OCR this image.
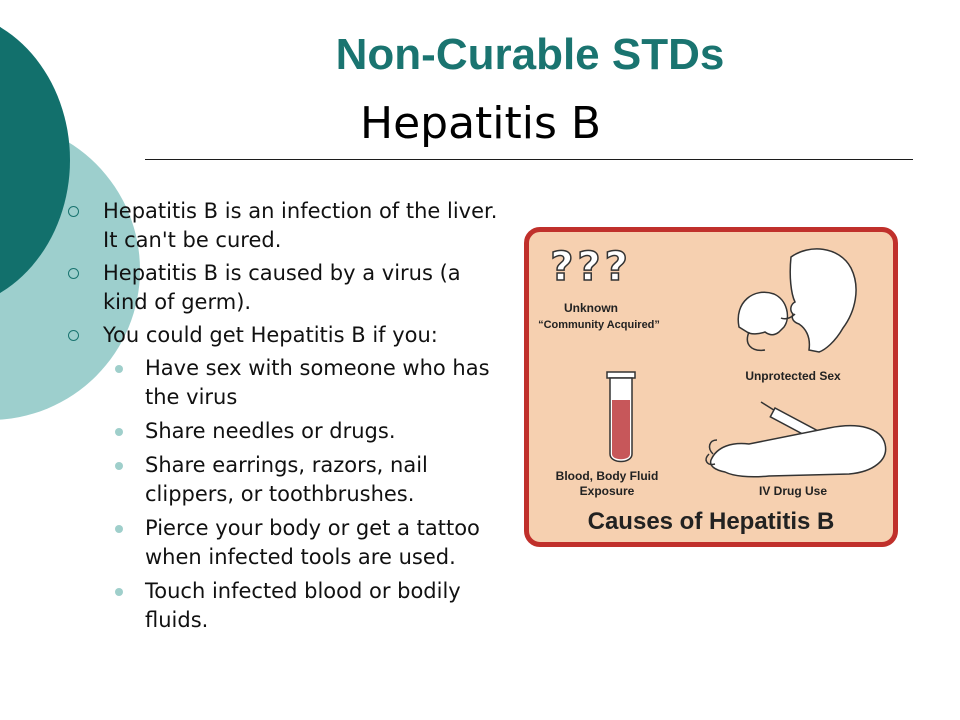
Non-Curable STDs
Hepatitis B
Hepatitis B is an infection of the liver. It can't be cured.
Hepatitis B is caused by a virus (a kind of germ).
You could get Hepatitis B if you:
Have sex with someone who has the virus
Share needles or drugs.
Share earrings, razors, nail clippers, or toothbrushes.
Pierce your body or get a tattoo when infected tools are used.
Touch infected blood or bodily fluids.
???
Unknown
“Community Acquired”
Unprotected Sex
Blood, Body Fluid
Exposure	IV Drug Use
Causes of Hepatitis B
